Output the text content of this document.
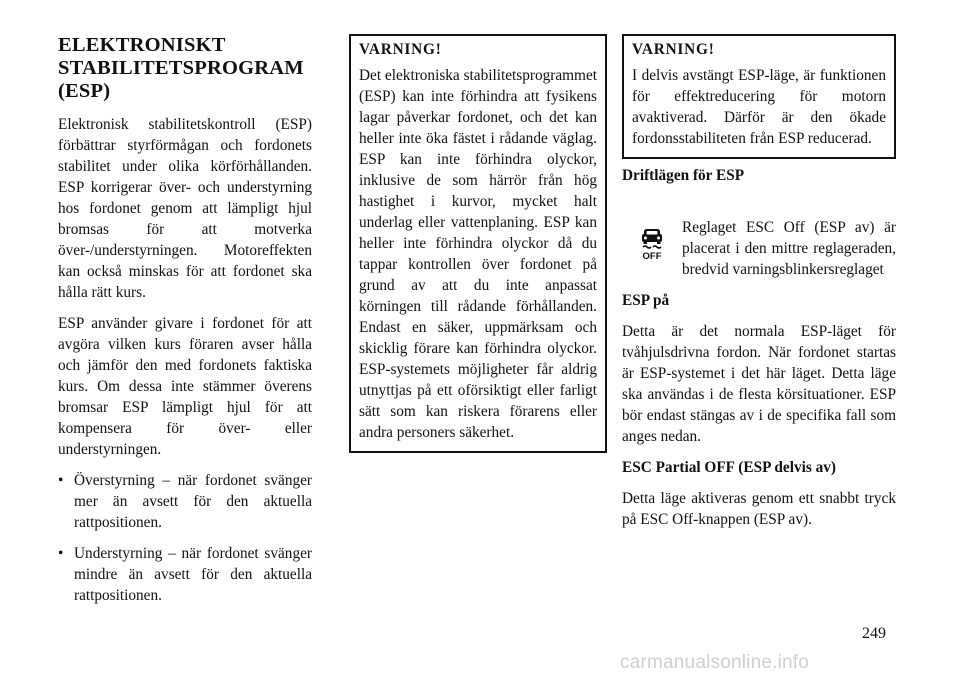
ELEKTRONISKT STABILITETSPROGRAM (ESP)

Elektronisk stabilitetskontroll (ESP) förbättrar styrförmågan och fordonets stabilitet under olika körförhållanden. ESP korrigerar över- och understyrning hos fordonet genom att lämpligt hjul bromsas för att motverka över-/understyrningen. Motoreffekten kan också minskas för att fordonet ska hålla rätt kurs.

ESP använder givare i fordonet för att avgöra vilken kurs föraren avser hålla och jämför den med fordonets faktiska kurs. Om dessa inte stämmer överens bromsar ESP lämpligt hjul för att kompensera för över- eller understyrningen.

• Överstyrning – när fordonet svänger mer än avsett för den aktuella rattpositionen.
• Understyrning – när fordonet svänger mindre än avsett för den aktuella rattpositionen.
VARNING!

Det elektroniska stabilitetsprogrammet (ESP) kan inte förhindra att fysikens lagar påverkar fordonet, och det kan heller inte öka fästet i rådande väglag. ESP kan inte förhindra olyckor, inklusive de som härrör från hög hastighet i kurvor, mycket halt underlag eller vattenplaning. ESP kan heller inte förhindra olyckor då du tappar kontrollen över fordonet på grund av att du inte anpassat körningen till rådande förhållanden. Endast en säker, uppmärksam och skicklig förare kan förhindra olyckor. ESP-systemets möjligheter får aldrig utnyttjas på ett oförsiktigt eller farligt sätt som kan riskera förarens eller andra personers säkerhet.

VARNING!

I delvis avstängt ESP-läge, är funktionen för effektreducering för motorn avaktiverad. Därför är den ökade fordonsstabiliteten från ESP reducerad.

Driftlägen för ESP

OFF

Reglaget ESC Off (ESP av) är placerat i den mittre reglageraden, bredvid varningsblinkersreglaget

ESP på

Detta är det normala ESP-läget för tvåhjulsdrivna fordon. När fordonet startas är ESP-systemet i det här läget. Detta läge ska användas i de flesta körsituationer. ESP bör endast stängas av i de specifika fall som anges nedan.

ESC Partial OFF (ESP delvis av)

Detta läge aktiveras genom ett snabbt tryck på ESC Off-knappen (ESP av).

249
carmanualsonline.info
